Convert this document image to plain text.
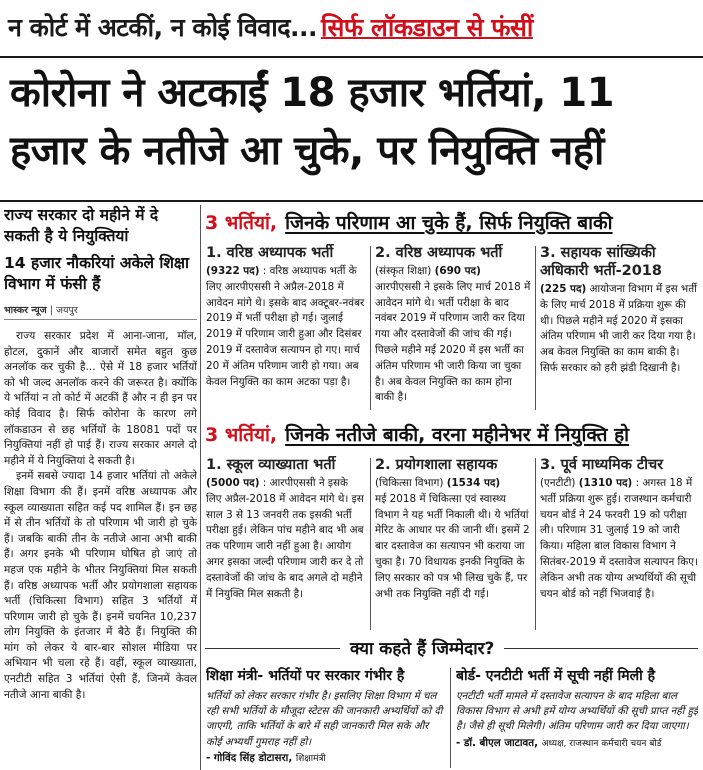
न कोर्ट में अटकीं, न कोई विवाद... सिर्फ लॉकडाउन से फंसीं
कोरोना ने अटकाईं 18 हजार भर्तियां, 11 हजार के नतीजे आ चुके, पर नियुक्ति नहीं
राज्य सरकार दो महीने में दे सकती है ये नियुक्तियां
14 हजार नौकरियां अकेले शिक्षा विभाग में फंसी हैं
भास्कर न्यूज | जयपुर

राज्य सरकार प्रदेश में आना-जाना, मॉल, होटल, दुकानें और बाजारों समेत बहुत कुछ अनलॉक कर चुकी है... ऐसे में 18 हजार भर्तियों को भी जल्द अनलॉक करने की जरूरत है। क्योंकि ये भर्तियां न तो कोर्ट में अटकीं हैं और न ही इन पर कोई विवाद है। सिर्फ कोरोना के कारण लगे लॉकडाउन से छह भर्तियों के 18081 पदों पर नियुक्तियां नहीं हो पाई हैं। राज्य सरकार अगले दो महीने में ये नियुक्तियां दे सकती है।

इनमें सबसे ज्यादा 14 हजार भर्तियां तो अकेले शिक्षा विभाग की हैं। इनमें वरिष्ठ अध्यापक और स्कूल व्याख्याता सहित कई पद शामिल हैं। इन छह में से तीन भर्तियों के तो परिणाम भी जारी हो चुके हैं। जबकि बाकी तीन के नतीजे आना अभी बाकी हैं। अगर इनके भी परिणाम घोषित हो जाएं तो महज एक महीने के भीतर नियुक्तियां मिल सकती हैं। वरिष्ठ अध्यापक भर्ती और प्रयोगशाला सहायक भर्ती (चिकित्सा विभाग) सहित 3 भर्तियों में परिणाम जारी हो चुके हैं। इनमें चयनित 10,237 लोग नियुक्ति के इंतजार में बैठे हैं। नियुक्ति की मांग को लेकर ये बार-बार सोशल मीडिया पर अभियान भी चला रहे हैं। वहीं, स्कूल व्याख्याता, एनटीटी सहित 3 भर्तियां ऐसी हैं, जिनमें केवल नतीजे आना बाकी है।

3 भर्तियां, जिनके परिणाम आ चुके हैं, सिर्फ नियुक्ति बाकी
1. वरिष्ठ अध्यापक भर्ती
(9322 पद) : वरिष्ठ अध्यापक भर्ती के लिए आरपीएससी ने अप्रैल-2018 में आवेदन मांगे थे। इसके बाद अक्टूबर-नवंबर 2019 में भर्ती परीक्षा हो गई। जुलाई 2019 में परिणाम जारी हुआ और दिसंबर 2019 में दस्तावेज सत्यापन हो गए। मार्च 20 में अंतिम परिणाम जारी हो गया। अब केवल नियुक्ति का काम अटका पड़ा है।
2. वरिष्ठ अध्यापक भर्ती
(संस्कृत शिक्षा) (690 पद)
आरपीएससी ने इसके लिए मार्च 2018 में आवेदन मांगे थे। भर्ती परीक्षा के बाद नवंबर 2019 में परिणाम जारी कर दिया गया और दस्तावेजों की जांच की गई। पिछले महीने मई 2020 में इस भर्ती का अंतिम परिणाम भी जारी किया जा चुका है। अब केवल नियुक्ति का काम होना बाकी है।
3. सहायक सांख्यिकी अधिकारी भर्ती-2018
(225 पद) आयोजना विभाग में इस भर्ती के लिए मार्च 2018 में प्रक्रिया शुरू की थी। पिछले महीने मई 2020 में इसका अंतिम परिणाम भी जारी कर दिया गया है। अब केवल नियुक्ति का काम बाकी है। सिर्फ सरकार को हरी झंडी दिखानी है।
3 भर्तियां, जिनके नतीजे बाकी, वरना महीनेभर में नियुक्ति हो
1. स्कूल व्याख्याता भर्ती
(5000 पद) : आरपीएससी ने इसके लिए अप्रैल-2018 में आवेदन मांगे थे। इस साल 3 से 13 जनवरी तक इसकी भर्ती परीक्षा हुई। लेकिन पांच महीने बाद भी अब तक परिणाम जारी नहीं हुआ है। आयोग अगर इसका जल्दी परिणाम जारी कर दे तो दस्तावेजों की जांच के बाद अगले दो महीने में नियुक्ति मिल सकती है।
2. प्रयोगशाला सहायक
(चिकित्सा विभाग) (1534 पद)
मई 2018 में चिकित्सा एवं स्वास्थ्य विभाग ने यह भर्ती निकाली थी। ये भर्तियां मेरिट के आधार पर की जानी थीं। इसमें 2 बार दस्तावेज का सत्यापन भी कराया जा चुका है। 70 विधायक इनकी नियुक्ति के लिए सरकार को पत्र भी लिख चुके हैं, पर अभी तक नियुक्ति नहीं दी गई।
3. पूर्व माध्यमिक टीचर
(एनटीटी) (1310 पद) : अगस्त 18 में भर्ती प्रक्रिया शुरू हुई। राजस्थान कर्मचारी चयन बोर्ड ने 24 फरवरी 19 को परीक्षा ली। परिणाम 31 जुलाई 19 को जारी किया। महिला बाल विकास विभाग ने सितंबर-2019 में दस्तावेज सत्यापन किए। लेकिन अभी तक योग्य अभ्यर्थियों की सूची चयन बोर्ड को नहीं भिजवाई है।
क्या कहते हैं जिम्मेदार?
शिक्षा मंत्री- भर्तियों पर सरकार गंभीर है
भर्तियों को लेकर सरकार गंभीर है। इसलिए शिक्षा विभाग में चल रही सभी भर्तियों के मौजूदा स्टेटस की जानकारी अभ्यर्थियों को दी जाएगी, ताकि भर्तियों के बारे में सही जानकारी मिल सके और कोई अभ्यर्थी गुमराह नहीं हो।
- गोविंद सिंह डोटासरा, शिक्षामंत्री
बोर्ड- एनटीटी भर्ती में सूची नहीं मिली है
एनटीटी भर्ती मामले में दस्तावेज सत्यापन के बाद महिला बाल विकास विभाग से अभी हमें योग्य अभ्यर्थियों की सूची प्राप्त नहीं हुई है। जैसे ही सूची मिलेगी। अंतिम परिणाम जारी कर दिया जाएगा।
- डॉ. बीएल जाटावत, अध्यक्ष, राजस्थान कर्मचारी चयन बोर्ड
